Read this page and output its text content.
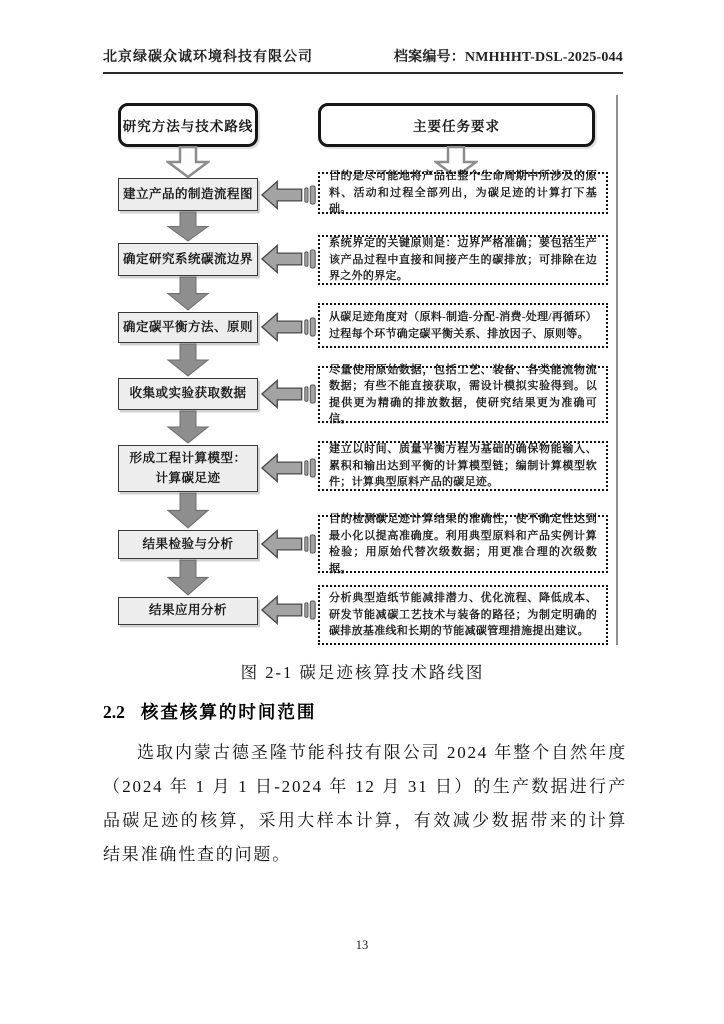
北京绿碳众诚环境科技有限公司	档案编号：NMHHHT-DSL-2025-044
研究方法与技术路线	主要任务要求
建立产品的制造流程图
确定研究系统碳流边界
确定碳平衡方法、原则
收集或实验获取数据
形成工程计算模型：
计算碳足迹
结果检验与分析
结果应用分析
目的是尽可能地将产品在整个生命周期中所涉及的原料、活动和过程全部列出，为碳足迹的计算打下基础。
系统界定的关键原则是：边界严格准确；要包括生产该产品过程中直接和间接产生的碳排放；可排除在边界之外的界定。
从碳足迹角度对（原料-制造-分配-消费-处理/再循环）过程每个环节确定碳平衡关系、排放因子、原则等。
尽量使用原始数据，包括工艺、装备、各类能流物流数据；有些不能直接获取，需设计模拟实验得到。以提供更为精确的排放数据，使研究结果更为准确可信。
建立以时间、质量平衡方程为基础的确保物能输入、累积和输出达到平衡的计算模型链；编制计算模型软件；计算典型原料产品的碳足迹。
目的检测碳足迹计算结果的准确性，使不确定性达到最小化以提高准确度。利用典型原料和产品实例计算检验；用原始代替次级数据；用更准合理的次级数据。
分析典型造纸节能减排潜力、优化流程、降低成本、研发节能减碳工艺技术与装备的路径；为制定明确的碳排放基准线和长期的节能减碳管理措施提出建议。
图 2-1 碳足迹核算技术路线图
2.2 核查核算的时间范围
选取内蒙古德圣隆节能科技有限公司 2024 年整个自然年度（2024 年 1 月 1 日-2024 年 12 月 31 日）的生产数据进行产品碳足迹的核算，采用大样本计算，有效减少数据带来的计算结果准确性查的问题。
13
